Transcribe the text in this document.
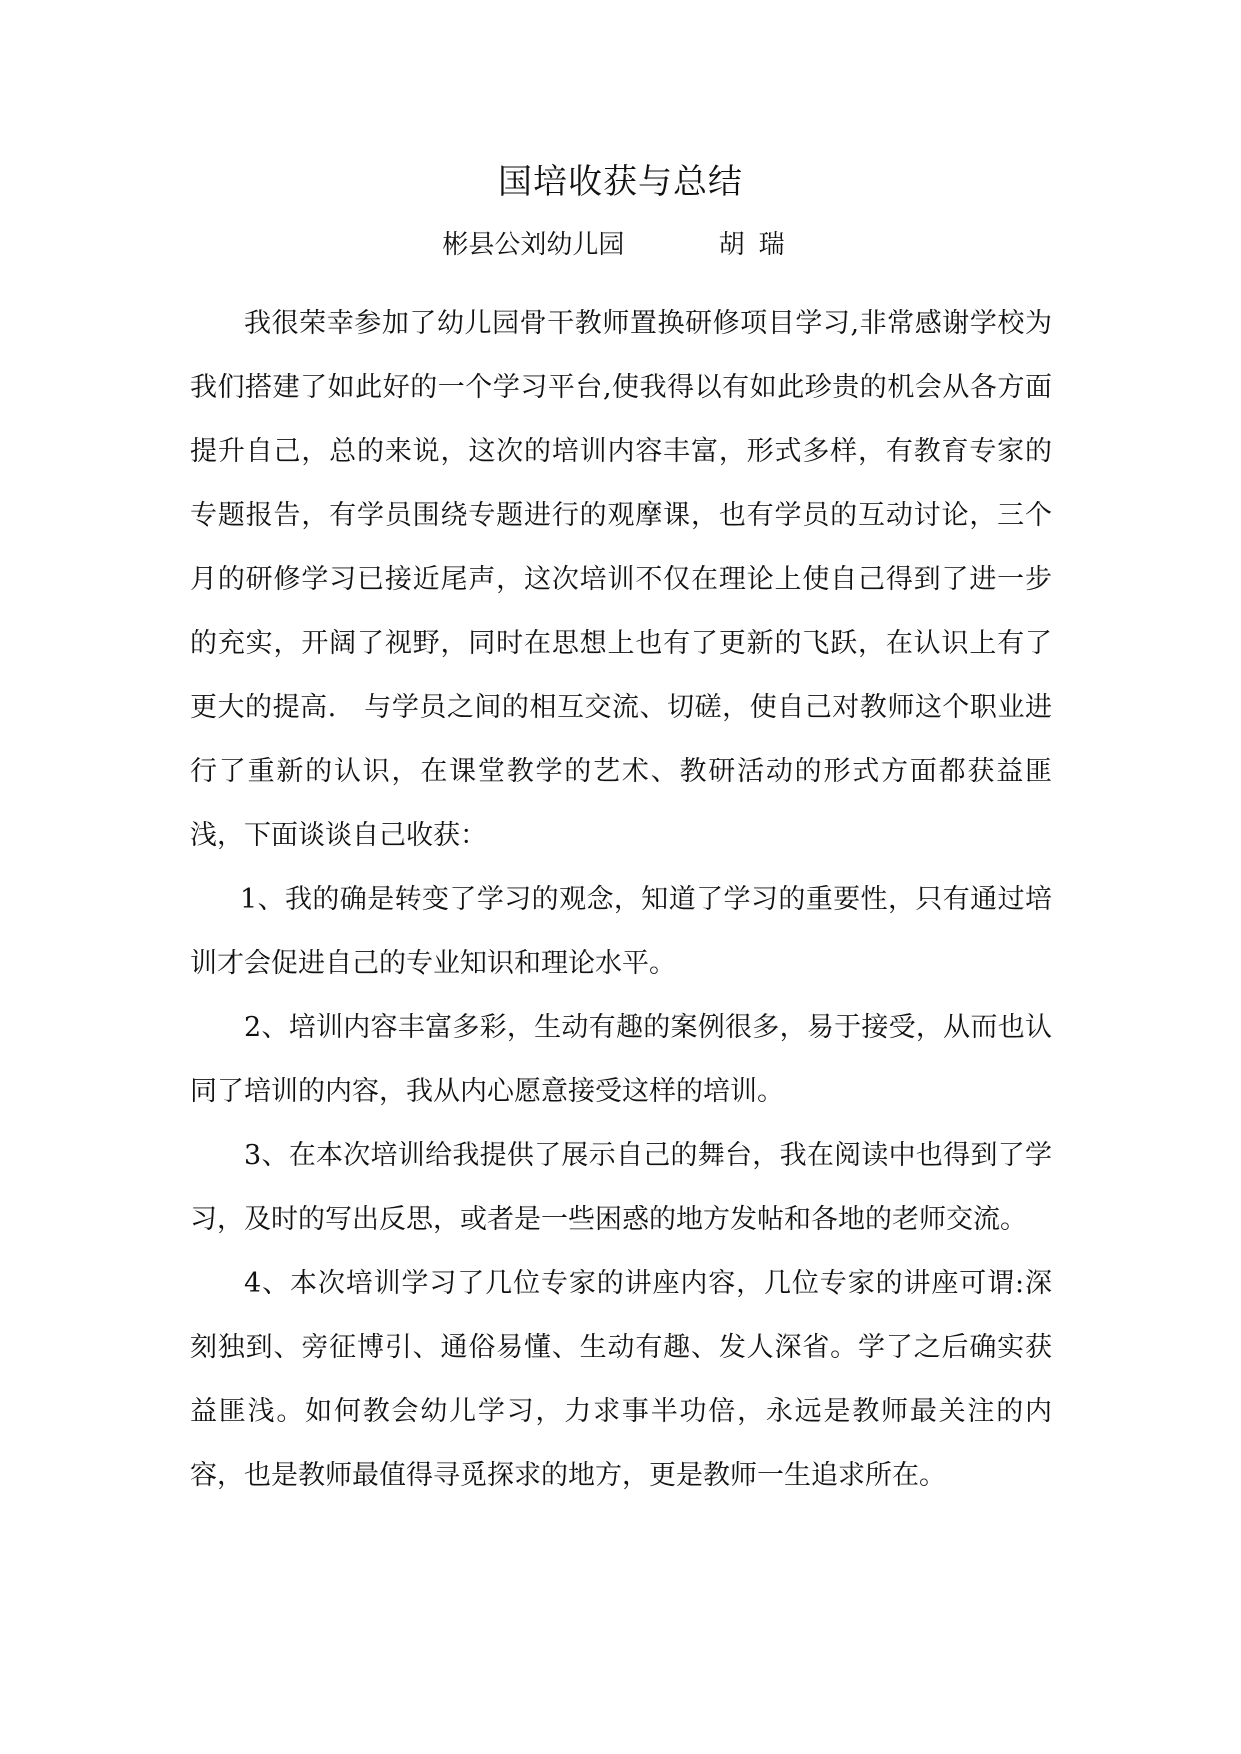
国培收获与总结
彬县公刘幼儿园	胡瑞

我很荣幸参加了幼儿园骨干教师置换研修项目学习,非常感谢学校为我们搭建了如此好的一个学习平台,使我得以有如此珍贵的机会从各方面提升自己，总的来说，这次的培训内容丰富，形式多样，有教育专家的专题报告，有学员围绕专题进行的观摩课，也有学员的互动讨论，三个月的研修学习已接近尾声，这次培训不仅在理论上使自己得到了进一步的充实，开阔了视野，同时在思想上也有了更新的飞跃，在认识上有了更大的提高.　与学员之间的相互交流、切磋，使自己对教师这个职业进行了重新的认识，在课堂教学的艺术、教研活动的形式方面都获益匪浅，下面谈谈自己收获：

1、我的确是转变了学习的观念，知道了学习的重要性，只有通过培训才会促进自己的专业知识和理论水平。

2、培训内容丰富多彩，生动有趣的案例很多，易于接受，从而也认同了培训的内容，我从内心愿意接受这样的培训。

3、在本次培训给我提供了展示自己的舞台，我在阅读中也得到了学习，及时的写出反思，或者是一些困惑的地方发帖和各地的老师交流。

4、本次培训学习了几位专家的讲座内容，几位专家的讲座可谓:深刻独到、旁征博引、通俗易懂、生动有趣、发人深省。学了之后确实获益匪浅。如何教会幼儿学习，力求事半功倍，永远是教师最关注的内容，也是教师最值得寻觅探求的地方，更是教师一生追求所在。
